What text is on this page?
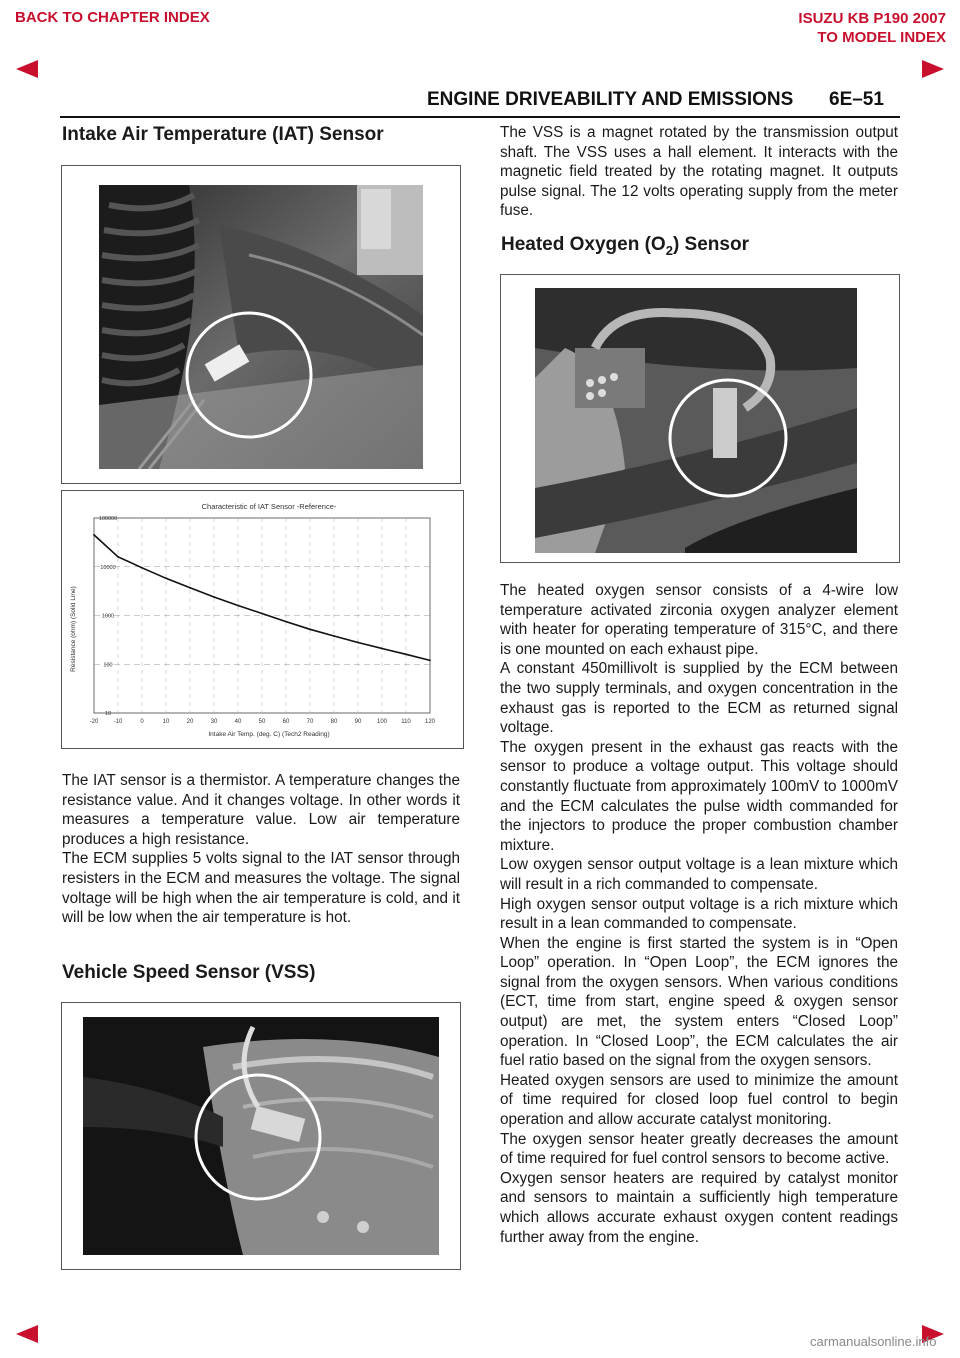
BACK TO CHAPTER INDEX	ISUZU KB P190 2007
TO MODEL INDEX
ENGINE DRIVEABILITY AND EMISSIONS 6E–51
Intake Air Temperature (IAT) Sensor
Characteristic of IAT Sensor -Reference-
10
100
1000
10000
100000
-20	-10	0	10	20	30	40	50	60	70	80	90	100 110 120
Intake Air Temp. (deg. C) (Tech2 Reading)
Resistance (ohm) (Solid Line)

The IAT sensor is a thermistor. A temperature changes the resistance value. And it changes voltage. In other words it measures a temperature value. Low air temperature produces a high resistance.

The ECM supplies 5 volts signal to the IAT sensor through resisters in the ECM and measures the voltage. The signal voltage will be high when the air temperature is cold, and it will be low when the air temperature is hot.

Vehicle Speed Sensor (VSS)

The VSS is a magnet rotated by the transmission output shaft. The VSS uses a hall element. It interacts with the magnetic field treated by the rotating magnet. It outputs pulse signal. The 12 volts operating supply from the meter fuse.

Heated Oxygen $(O_2)$ Sensor

The heated oxygen sensor consists of a 4-wire low temperature activated zirconia oxygen analyzer element with heater for operating temperature of 315°C, and there is one mounted on each exhaust pipe.

A constant 450millivolt is supplied by the ECM between the two supply terminals, and oxygen concentration in the exhaust gas is reported to the ECM as returned signal voltage.

The oxygen present in the exhaust gas reacts with the sensor to produce a voltage output. This voltage should constantly fluctuate from approximately 100mV to 1000mV and the ECM calculates the pulse width commanded for the injectors to produce the proper combustion chamber mixture.

Low oxygen sensor output voltage is a lean mixture which will result in a rich commanded to compensate.

High oxygen sensor output voltage is a rich mixture which result in a lean commanded to compensate.

When the engine is first started the system is in “Open Loop” operation. In “Open Loop”, the ECM ignores the signal from the oxygen sensors. When various conditions (ECT, time from start, engine speed & oxygen sensor output) are met, the system enters “Closed Loop” operation. In “Closed Loop”, the ECM calculates the air fuel ratio based on the signal from the oxygen sensors.

Heated oxygen sensors are used to minimize the amount of time required for closed loop fuel control to begin operation and allow accurate catalyst monitoring.

The oxygen sensor heater greatly decreases the amount of time required for fuel control sensors to become active.

Oxygen sensor heaters are required by catalyst monitor and sensors to maintain a sufficiently high temperature which allows accurate exhaust oxygen content readings further away from the engine.

carmanualsonline.info
